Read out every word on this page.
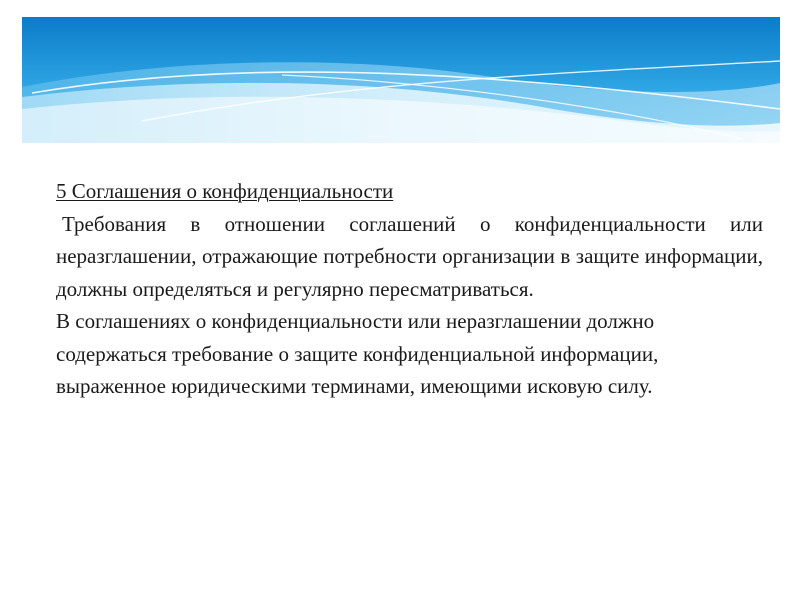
5 Соглашения о конфиденциальности

Требования в отношении соглашений о конфиденциальности или неразглашении, отражающие потребности организации в защите информации, должны определяться и регулярно пересматриваться.

В соглашениях о конфиденциальности или неразглашении должно содержаться требование о защите конфиденциальной информации, выраженное юридическими терминами, имеющими исковую силу.
